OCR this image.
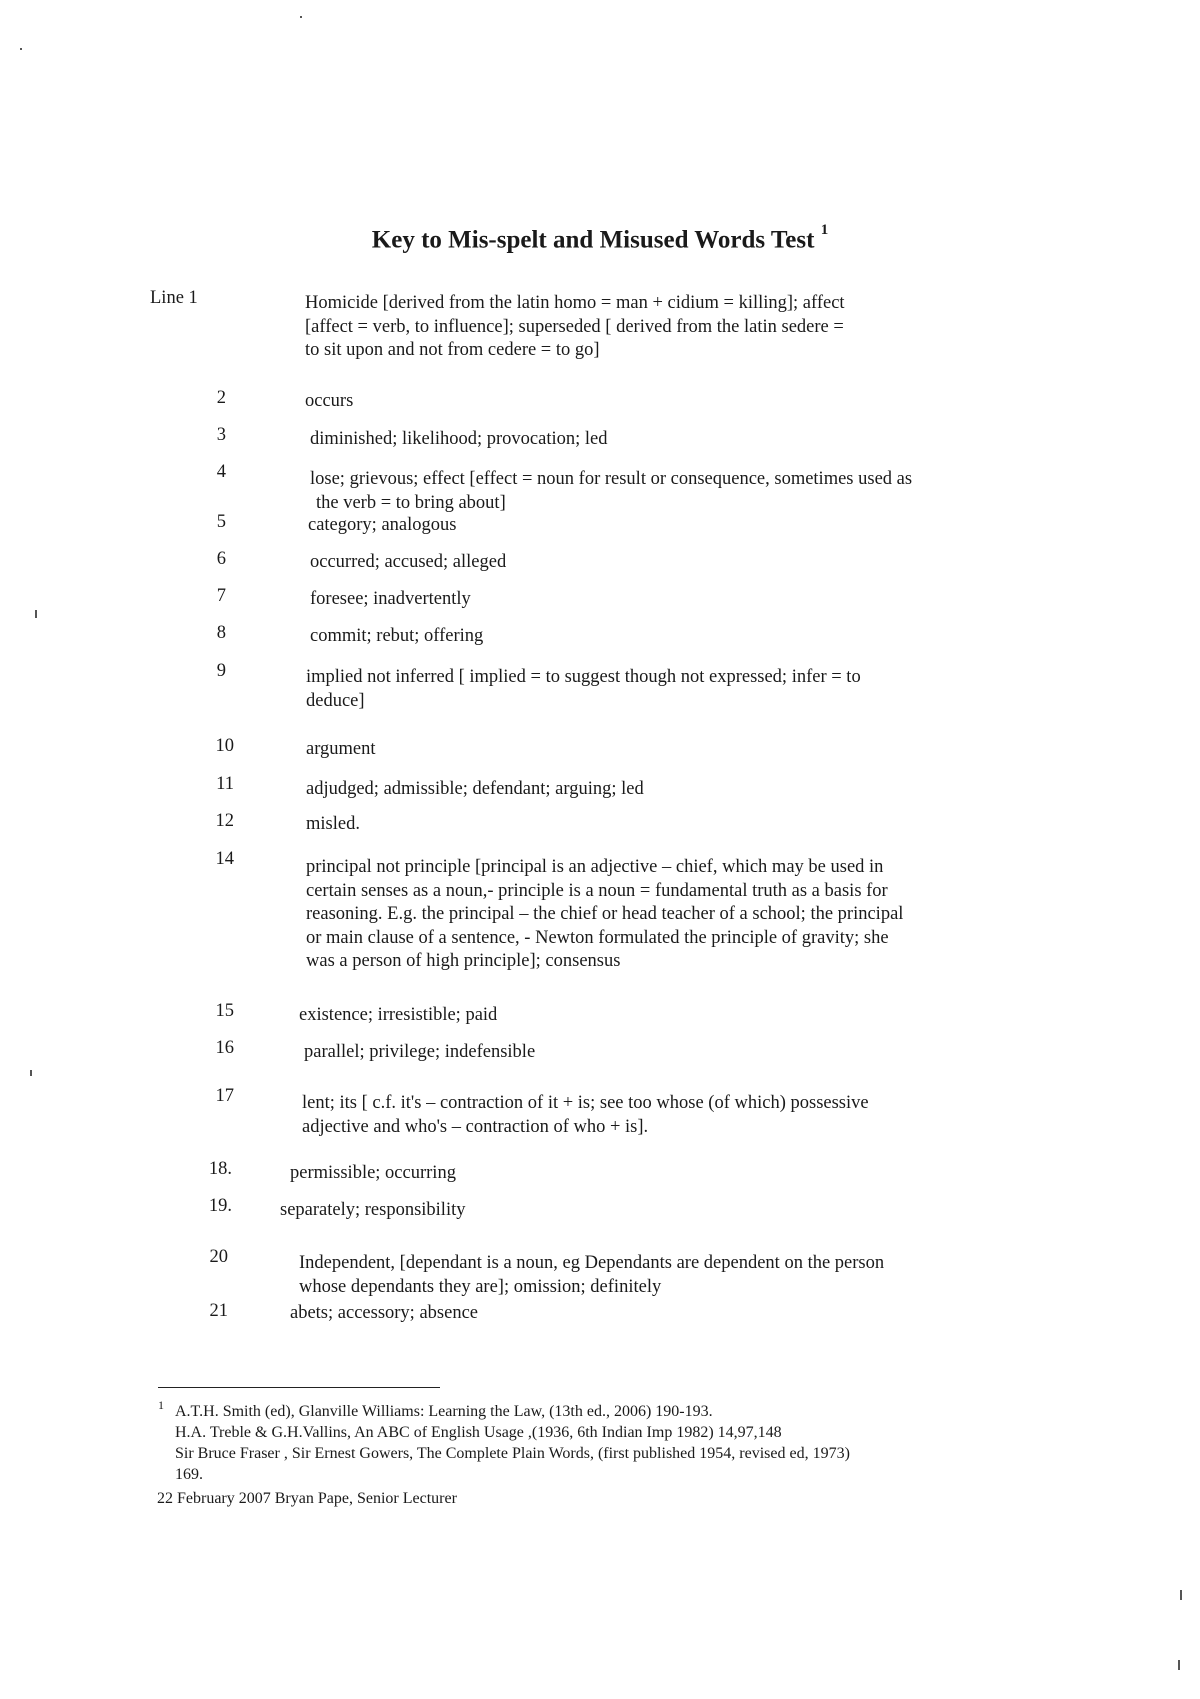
Key to Mis-spelt and Misused Words Test $^1$
Line 1	Homicide [derived from the latin homo = man + cidium = killing]; affect

[affect = verb, to influence]; superseded [ derived from the latin sedere =

to sit upon and not from cedere = to go]

2	occurs

3	diminished; likelihood; provocation; led

4	lose; grievous; effect [effect = noun for result or consequence, sometimes used as

the verb = to bring about]

5	category; analogous

6	occurred; accused; alleged

7	foresee; inadvertently

8	commit; rebut; offering

9	implied not inferred [ implied = to suggest though not expressed; infer = to

deduce]

10	argument

11	adjudged; admissible; defendant; arguing; led

12	misled.

14	principal not principle [principal is an adjective – chief, which may be used in

certain senses as a noun,- principle is a noun = fundamental truth as a basis for

reasoning. E.g. the principal – the chief or head teacher of a school; the principal

or main clause of a sentence, - Newton formulated the principle of gravity; she

was a person of high principle]; consensus

15	existence; irresistible; paid

16	parallel; privilege; indefensible

17	lent; its [ c.f. it's – contraction of it + is; see too whose (of which) possessive

adjective and who's – contraction of who + is].

18.	permissible; occurring

19.	separately; responsibility

20	Independent, [dependant is a noun, eg Dependants are dependent on the person

whose dependants they are]; omission; definitely

21	abets; accessory; absence

1 A.T.H. Smith (ed), Glanville Williams: Learning the Law, (13th ed., 2006) 190-193.

H.A. Treble & G.H.Vallins, An ABC of English Usage ,(1936, 6th Indian Imp 1982) 14,97,148

Sir Bruce Fraser , Sir Ernest Gowers, The Complete Plain Words, (first published 1954, revised ed, 1973)

169.

22 February 2007 Bryan Pape, Senior Lecturer
